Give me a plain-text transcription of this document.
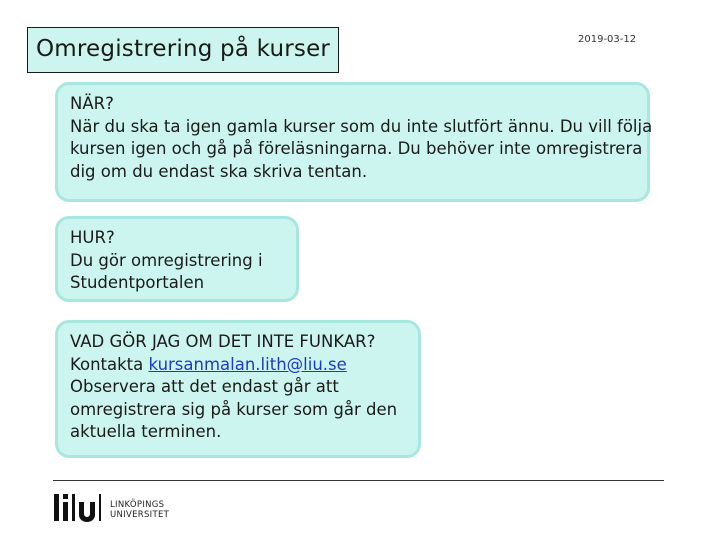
Omregistrering på kurser	2019-03-12
NÄR?
När du ska ta igen gamla kurser som du inte slutfört ännu. Du vill följa
kursen igen och gå på föreläsningarna. Du behöver inte omregistrera
dig om du endast ska skriva tentan.
HUR?
Du gör omregistrering i
Studentportalen
VAD GÖR JAG OM DET INTE FUNKAR?
Kontakta kursanmalan.lith@liu.se
Observera att det endast går att
omregistrera sig på kurser som går den
aktuella terminen.
LINKÖPINGS
UNIVERSITET
